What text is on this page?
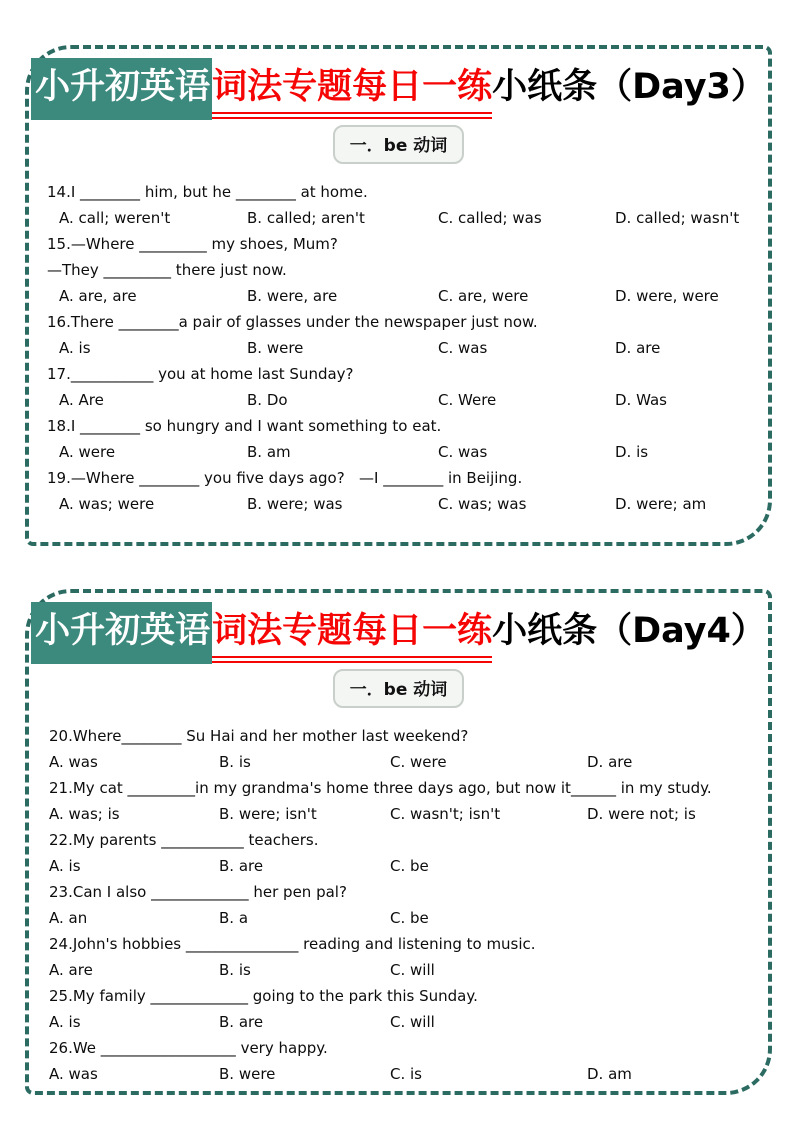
小升初英语词法专题每日一练小纸条（Day3）
一．be 动词
14.I ________ him, but he ________ at home.
A. call; weren't	B. called; aren't	C. called; was	D. called; wasn't
15.—Where _________ my shoes, Mum?
—They _________ there just now.
A. are, are	B. were, are	C. are, were	D. were, were
16.There ________a pair of glasses under the newspaper just now.
A. is	B. were	C. was	D. are
17.___________ you at home last Sunday?
A. Are	B. Do	C. Were	D. Was
18.I ________ so hungry and I want something to eat.
A. were	B. am	C. was	D. is
19.—Where ________ you five days ago?   —I ________ in Beijing.
A. was; were	B. were; was	C. was; was	D. were; am
小升初英语词法专题每日一练小纸条（Day4）
一．be 动词
20.Where________ Su Hai and her mother last weekend?
A. was	B. is	C. were	D. are
21.My cat _________in my grandma's home three days ago, but now it______ in my study.
A. was; is	B. were; isn't	C. wasn't; isn't	D. were not; is
22.My parents ___________ teachers.
A. is	B. are	C. be
23.Can I also _____________ her pen pal?
A. an	B. a	C. be
24.John's hobbies _______________ reading and listening to music.
A. are	B. is	C. will
25.My family _____________ going to the park this Sunday.
A. is	B. are	C. will
26.We __________________ very happy.
A. was	B. were	C. is	D. am
